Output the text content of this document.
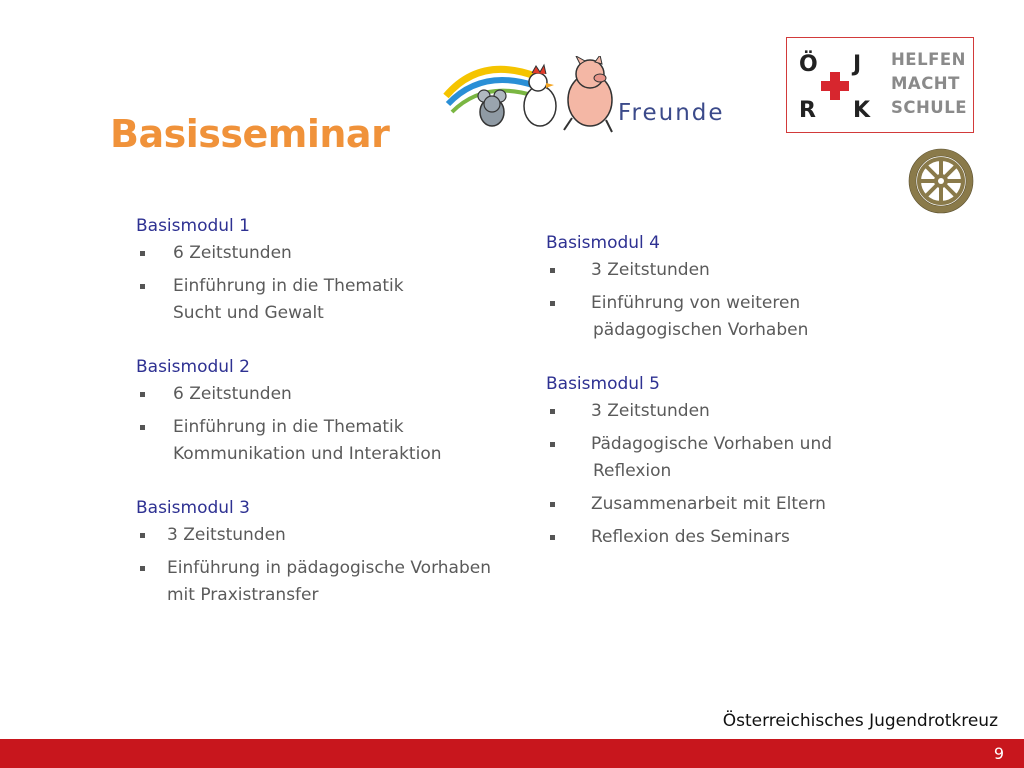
Basisseminar	Freunde
Ö J
R K
HELFEN
MACHT
SCHULE
Basismodul 1
6 Zeitstunden
Einführung in die Thematik
Sucht und Gewalt
Basismodul 2
6 Zeitstunden
Einführung in die Thematik
Kommunikation und Interaktion
Basismodul 3
3 Zeitstunden
Einführung in pädagogische Vorhaben
mit Praxistransfer
Basismodul 4
3 Zeitstunden
Einführung von weiteren
pädagogischen Vorhaben
Basismodul 5
3 Zeitstunden
Pädagogische Vorhaben und
Reflexion
Zusammenarbeit mit Eltern
Reflexion des Seminars
Österreichisches Jugendrotkreuz
9
